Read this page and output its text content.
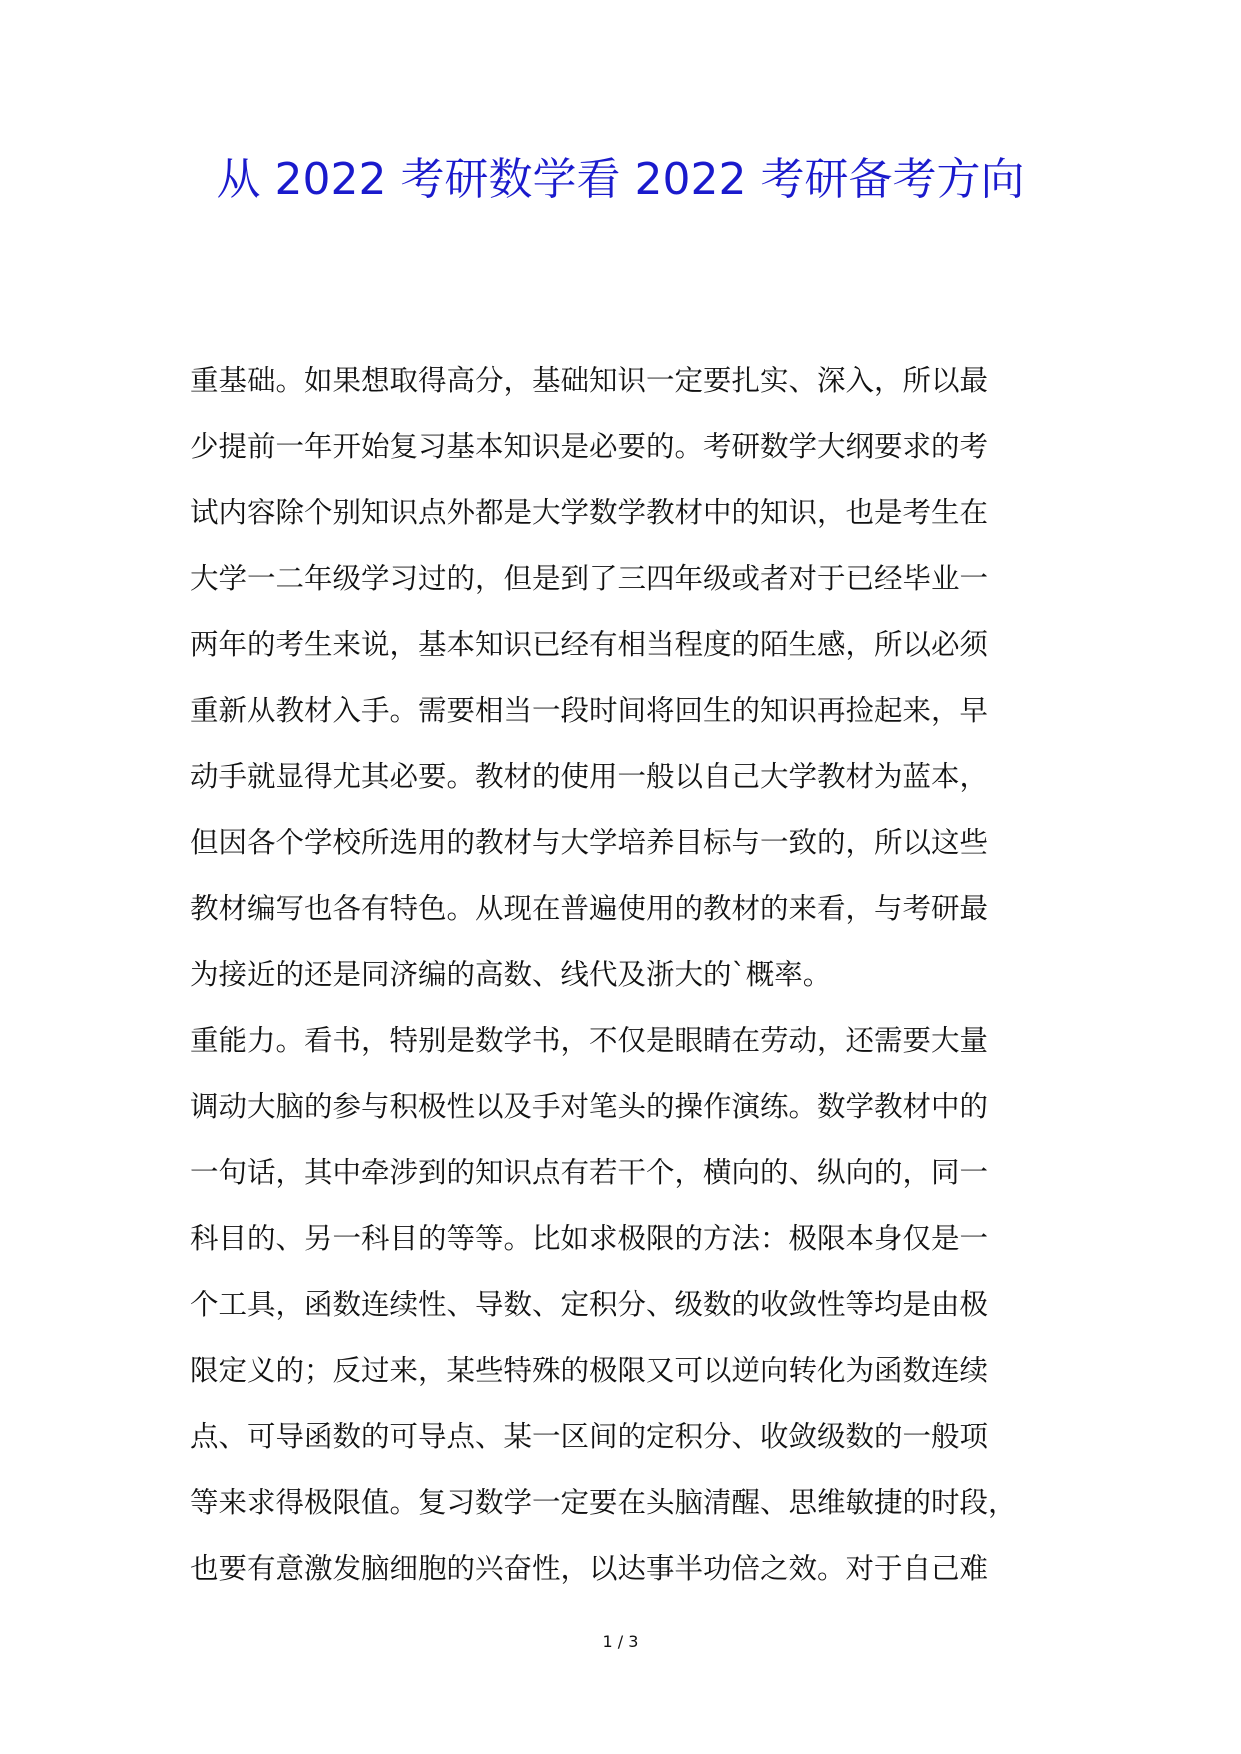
从 2022 考研数学看 2022 考研备考方向
重基础。如果想取得高分，基础知识一定要扎实、深入，所以最
少提前一年开始复习基本知识是必要的。考研数学大纲要求的考
试内容除个别知识点外都是大学数学教材中的知识，也是考生在
大学一二年级学习过的，但是到了三四年级或者对于已经毕业一
两年的考生来说，基本知识已经有相当程度的陌生感，所以必须
重新从教材入手。需要相当一段时间将回生的知识再捡起来，早
动手就显得尤其必要。教材的使用一般以自己大学教材为蓝本，
但因各个学校所选用的教材与大学培养目标与一致的，所以这些
教材编写也各有特色。从现在普遍使用的教材的来看，与考研最
为接近的还是同济编的高数、线代及浙大的`概率。
重能力。看书，特别是数学书，不仅是眼睛在劳动，还需要大量
调动大脑的参与积极性以及手对笔头的操作演练。数学教材中的
一句话，其中牵涉到的知识点有若干个，横向的、纵向的，同一
科目的、另一科目的等等。比如求极限的方法：极限本身仅是一
个工具，函数连续性、导数、定积分、级数的收敛性等均是由极
限定义的；反过来，某些特殊的极限又可以逆向转化为函数连续
点、可导函数的可导点、某一区间的定积分、收敛级数的一般项
等来求得极限值。复习数学一定要在头脑清醒、思维敏捷的时段，
也要有意激发脑细胞的兴奋性，以达事半功倍之效。对于自己难
1 / 3
